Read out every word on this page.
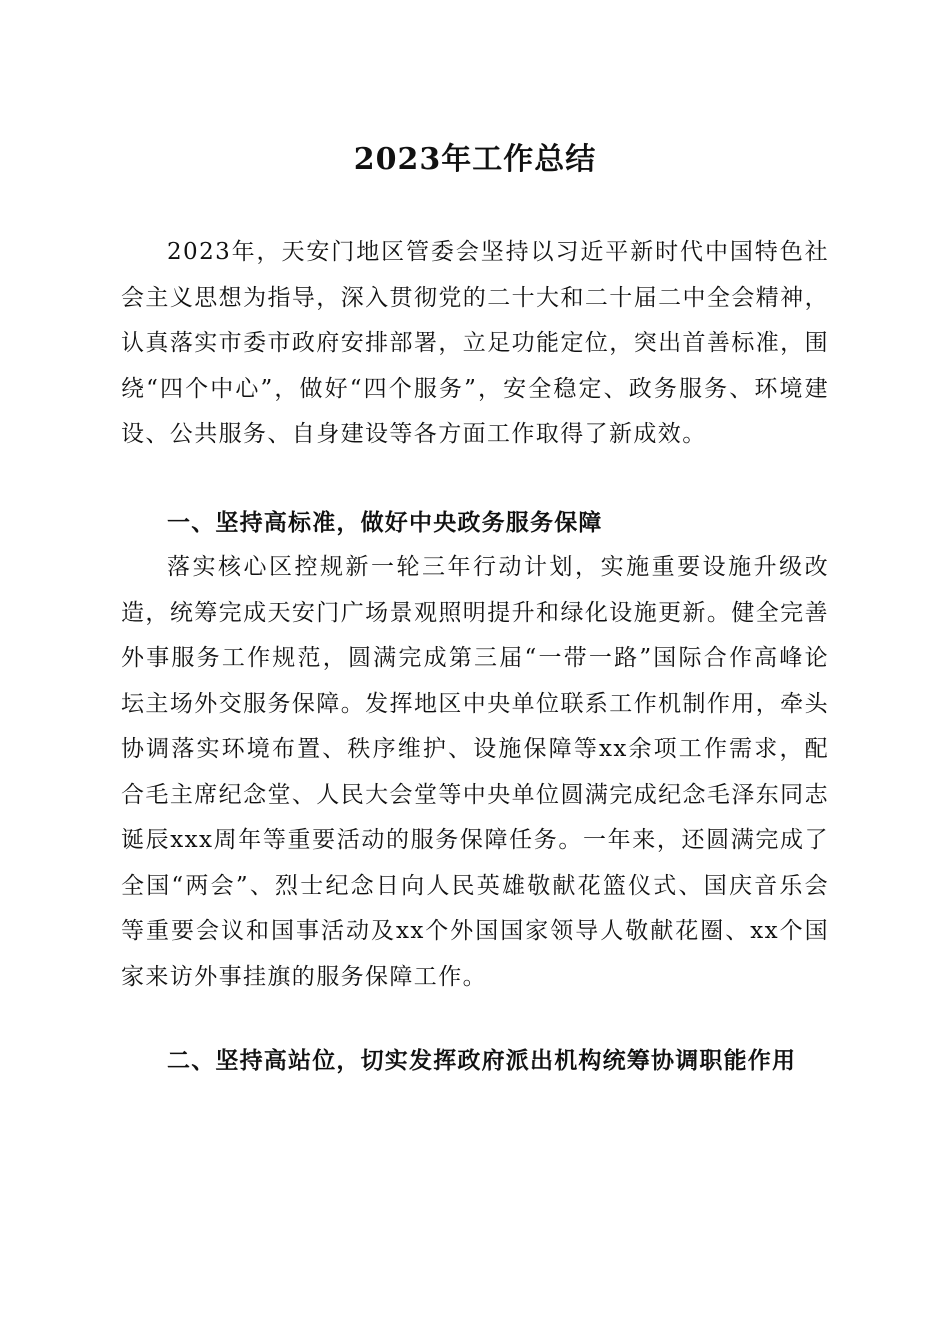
2023年工作总结

2023年，天安门地区管委会坚持以习近平新时代中国特色社会主义思想为指导，深入贯彻党的二十大和二十届二中全会精神，认真落实市委市政府安排部署，立足功能定位，突出首善标准，围绕“四个中心”，做好“四个服务”，安全稳定、政务服务、环境建设、公共服务、自身建设等各方面工作取得了新成效。

一、坚持高标准，做好中央政务服务保障

落实核心区控规新一轮三年行动计划，实施重要设施升级改造，统筹完成天安门广场景观照明提升和绿化设施更新。健全完善外事服务工作规范，圆满完成第三届“一带一路”国际合作高峰论坛主场外交服务保障。发挥地区中央单位联系工作机制作用，牵头协调落实环境布置、秩序维护、设施保障等xx余项工作需求，配合毛主席纪念堂、人民大会堂等中央单位圆满完成纪念毛泽东同志诞辰xxx周年等重要活动的服务保障任务。一年来，还圆满完成了全国“两会”、烈士纪念日向人民英雄敬献花篮仪式、国庆音乐会等重要会议和国事活动及xx个外国国家领导人敬献花圈、xx个国家来访外事挂旗的服务保障工作。

二、坚持高站位，切实发挥政府派出机构统筹协调职能作用
